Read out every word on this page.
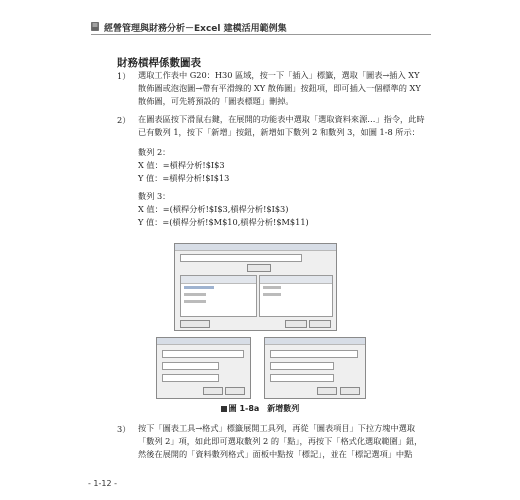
經營管理與財務分析－Excel 建模活用範例集
財務槓桿係數圖表
1） 選取工作表中 G20：H30 區域，按一下「插入」標籤，選取「圖表→插入 XY 散佈圖或泡泡圖→帶有平滑線的 XY 散佈圖」按鈕項，即可插入一個標準的 XY 散佈圖，可先將預設的「圖表標題」刪掉。
2） 在圖表區按下滑鼠右鍵，在展開的功能表中選取「選取資料來源…」指令，此時已有數列 1，按下「新增」按鈕，新增如下數列 2 和數列 3，如圖 1-8 所示：
數列 2：
X 值：=槓桿分析!$I$3
Y 值：=槓桿分析!$I$13
數列 3：
X 值：=(槓桿分析!$I$3,槓桿分析!$I$3)
Y 值：=(槓桿分析!$M$10,槓桿分析!$M$11)
圖 1-8a　新增數列
3） 按下「圖表工具→格式」標籤展開工具列，再從「圖表項目」下拉方塊中選取「數列 2」項，如此即可選取數列 2 的「點」，再按下「格式化選取範圍」鈕，然後在展開的「資料數列格式」面板中點按「標記」，並在「標記選項」中點
- 1-12 -
